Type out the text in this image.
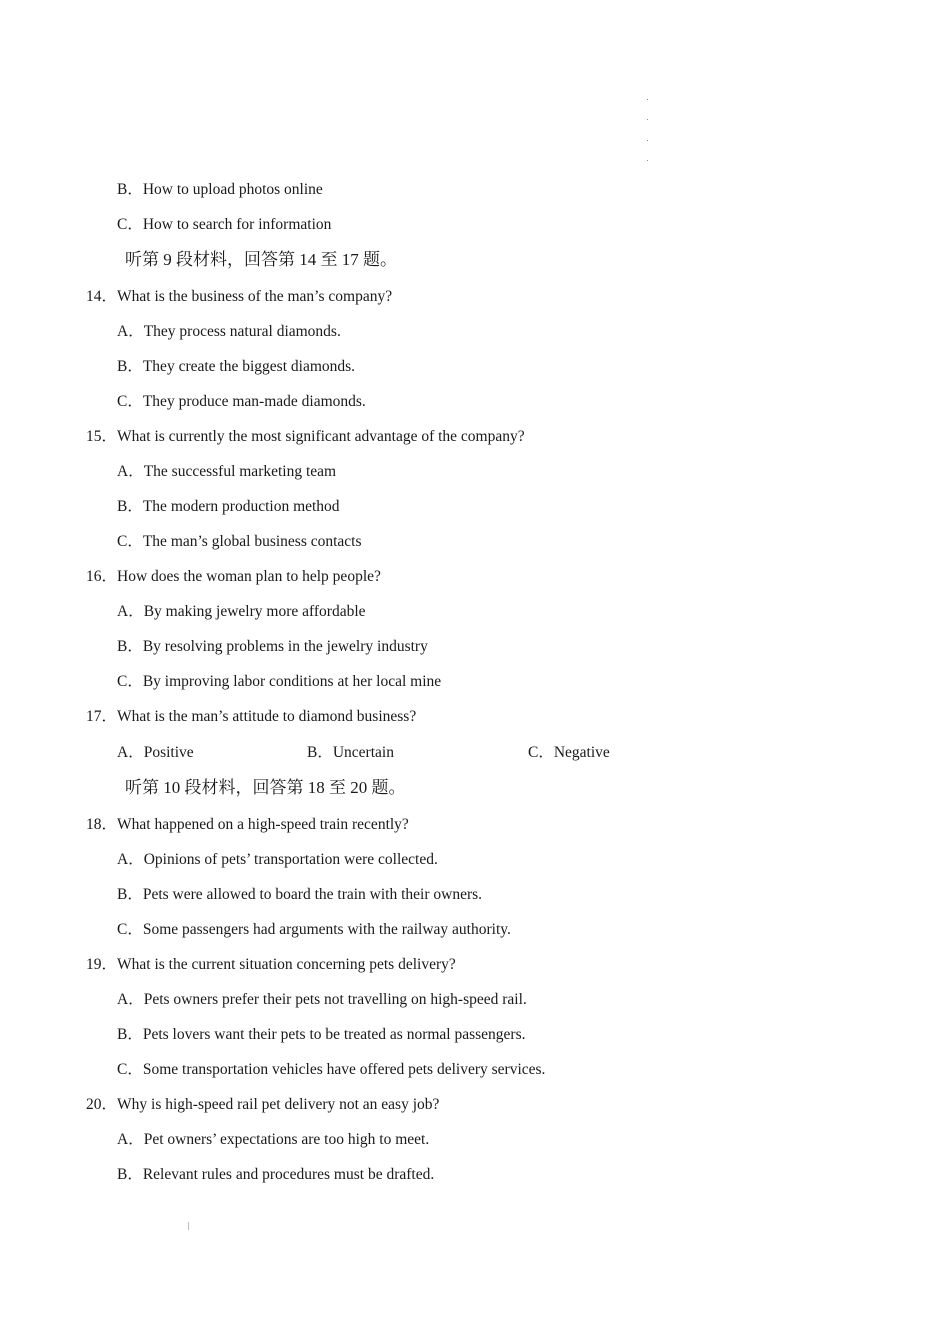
B．How to upload photos online
C．How to search for information
听第 9 段材料，回答第 14 至 17 题。
14．What is the business of the man’s company?
A．They process natural diamonds.
B．They create the biggest diamonds.
C．They produce man-made diamonds.
15．What is currently the most significant advantage of the company?
A．The successful marketing team
B．The modern production method
C．The man’s global business contacts
16．How does the woman plan to help people?
A．By making jewelry more affordable
B．By resolving problems in the jewelry industry
C．By improving labor conditions at her local mine
17．What is the man’s attitude to diamond business?
A．Positive	B．Uncertain	C．Negative
听第 10 段材料，回答第 18 至 20 题。
18．What happened on a high-speed train recently?
A．Opinions of pets’ transportation were collected.
B．Pets were allowed to board the train with their owners.
C．Some passengers had arguments with the railway authority.
19．What is the current situation concerning pets delivery?
A．Pets owners prefer their pets not travelling on high-speed rail.
B．Pets lovers want their pets to be treated as normal passengers.
C．Some transportation vehicles have offered pets delivery services.
20．Why is high-speed rail pet delivery not an easy job?
A．Pet owners’ expectations are too high to meet.
B．Relevant rules and procedures must be drafted.
